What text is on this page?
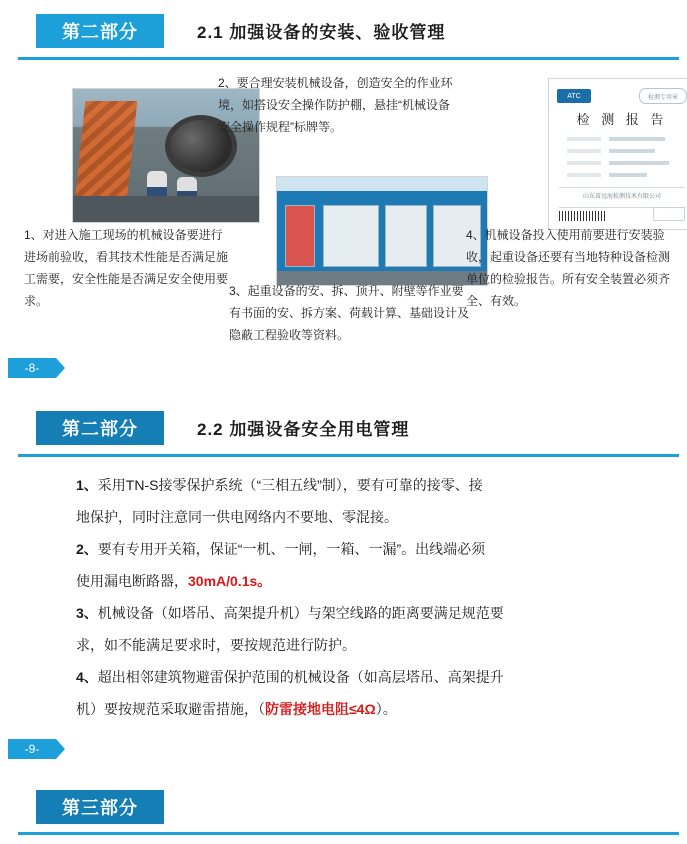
第二部分	2.1 加强设备的安装、验收管理
ATC	检测专用章
检 测 报 告
山东省远海检测技术有限公司
2、要合理安装机械设备，创造安全的作业环境，如搭设安全操作防护棚，悬挂“机械设备安全操作规程”标牌等。
1、对进入施工现场的机械设备要进行进场前验收，看其技术性能是否满足施工需要，安全性能是否满足安全使用要求。
3、起重设备的安、拆、顶升、附壁等作业要有书面的安、拆方案、荷载计算、基础设计及隐蔽工程验收等资料。
4、机械设备投入使用前要进行安装验收，起重设备还要有当地特种设备检测单位的检验报告。所有安全装置必须齐全、有效。
-8-
第二部分	2.2 加强设备安全用电管理

1、采用TN-S接零保护系统（“三相五线”制），要有可靠的接零、接

地保护，同时注意同一供电网络内不要地、零混接。

2、要有专用开关箱，保证“一机、一闸，一箱、一漏”。出线端必须

使用漏电断路器，30mA/0.1s。

3、机械设备（如塔吊、高架提升机）与架空线路的距离要满足规范要

求，如不能满足要求时，要按规范进行防护。

4、超出相邻建筑物避雷保护范围的机械设备（如高层塔吊、高架提升

机）要按规范采取避雷措施，（防雷接地电阻≤4Ω）。

-9-
第三部分
